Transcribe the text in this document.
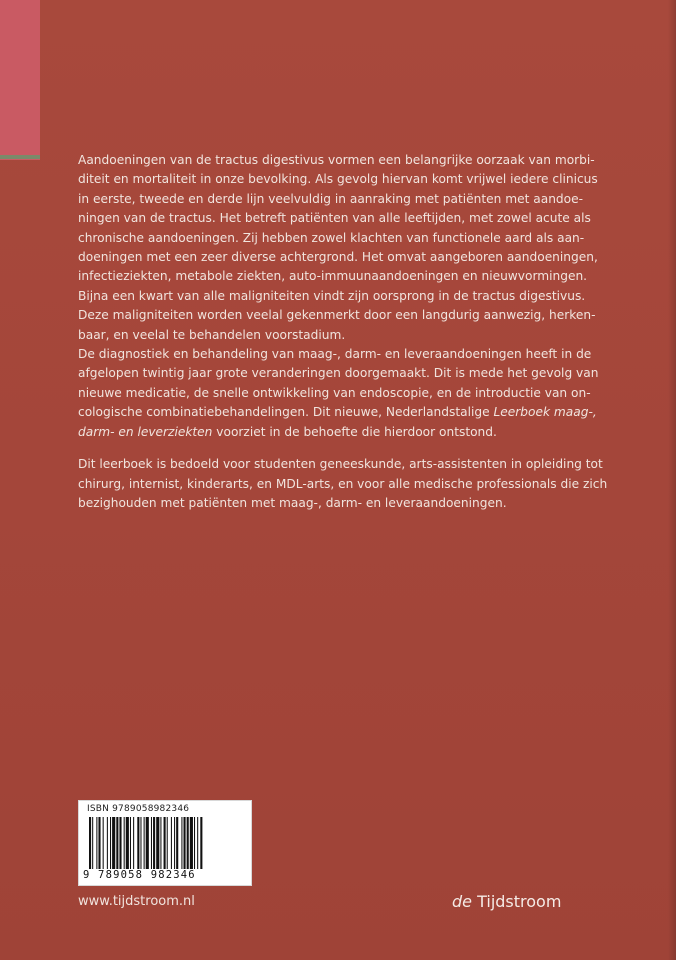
Aandoeningen van de tractus digestivus vormen een belangrijke oorzaak van morbi-
diteit en mortaliteit in onze bevolking. Als gevolg hiervan komt vrijwel iedere clinicus
in eerste, tweede en derde lijn veelvuldig in aanraking met patiënten met aandoe-
ningen van de tractus. Het betreft patiënten van alle leeftijden, met zowel acute als
chronische aandoeningen. Zij hebben zowel klachten van functionele aard als aan-
doeningen met een zeer diverse achtergrond. Het omvat aangeboren aandoeningen,
infectieziekten, metabole ziekten, auto-immuunaandoeningen en nieuwvormingen.
Bijna een kwart van alle maligniteiten vindt zijn oorsprong in de tractus digestivus.
Deze maligniteiten worden veelal gekenmerkt door een langdurig aanwezig, herken-
baar, en veelal te behandelen voorstadium.
De diagnostiek en behandeling van maag-, darm- en leveraandoeningen heeft in de
afgelopen twintig jaar grote veranderingen doorgemaakt. Dit is mede het gevolg van
nieuwe medicatie, de snelle ontwikkeling van endoscopie, en de introductie van on-
cologische combinatiebehandelingen. Dit nieuwe, Nederlandstalige Leerboek maag-,
darm- en leverziekten voorziet in de behoefte die hierdoor ontstond.
Dit leerboek is bedoeld voor studenten geneeskunde, arts-assistenten in opleiding tot
chirurg, internist, kinderarts, en MDL-arts, en voor alle medische professionals die zich
bezighouden met patiënten met maag-, darm- en leveraandoeningen.
ISBN 9789058982346
9 789058 982346
www.tijdstroom.nl	de Tijdstroom
